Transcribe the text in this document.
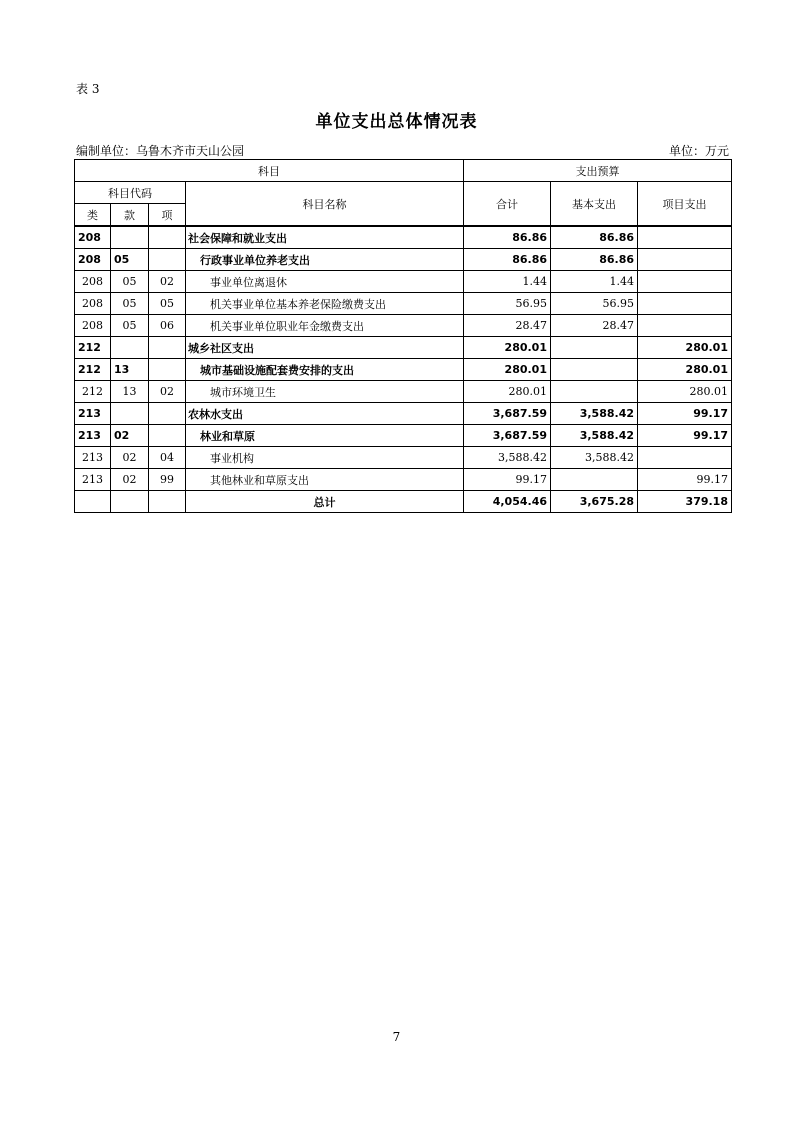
表 3
单位支出总体情况表
编制单位：乌鲁木齐市天山公园	单位：万元
科目				支出预算		
科目代码			科目名称	合计	基本支出	项目支出
类	款	项				
208			社会保障和就业支出	86.86	86.86	
208	05		行政事业单位养老支出	86.86	86.86	
208	05	02	事业单位离退休	1.44	1.44	
208	05	05	机关事业单位基本养老保险缴费支出	56.95	56.95	
208	05	06	机关事业单位职业年金缴费支出	28.47	28.47	
212			城乡社区支出	280.01		280.01
212	13		城市基础设施配套费安排的支出	280.01		280.01
212	13	02	城市环境卫生	280.01		280.01
213			农林水支出	3,687.59	3,588.42	99.17
213	02		林业和草原	3,687.59	3,588.42	99.17
213	02	04	事业机构	3,588.42	3,588.42	
213	02	99	其他林业和草原支出	99.17		99.17
			总计	4,054.46	3,675.28	379.18
7
